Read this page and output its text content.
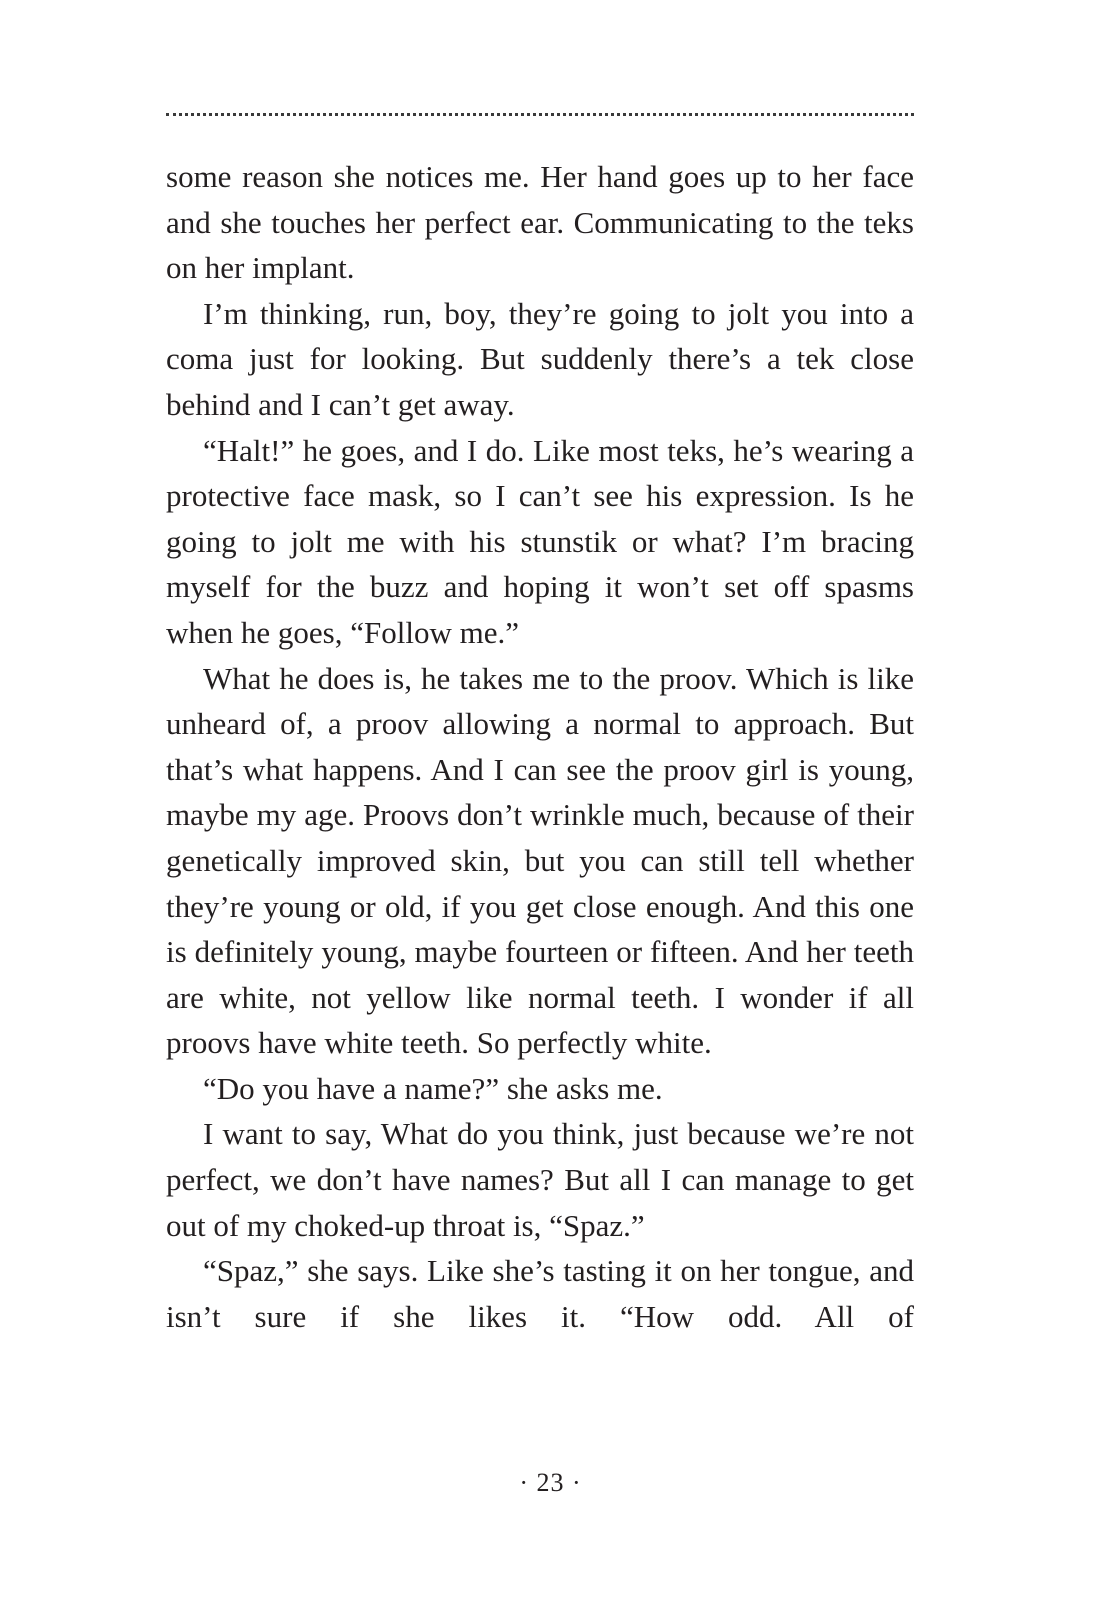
some reason she notices me. Her hand goes up to her face and she touches her perfect ear. Communicating to the teks on her implant.

I’m thinking, run, boy, they’re going to jolt you into a coma just for looking. But suddenly there’s a tek close behind and I can’t get away.

“Halt!” he goes, and I do. Like most teks, he’s wearing a protective face mask, so I can’t see his expression. Is he going to jolt me with his stunstik or what? I’m bracing myself for the buzz and hoping it won’t set off spasms when he goes, “Follow me.”

What he does is, he takes me to the proov. Which is like unheard of, a proov allowing a normal to approach. But that’s what happens. And I can see the proov girl is young, maybe my age. Proovs don’t wrinkle much, because of their genetically improved skin, but you can still tell whether they’re young or old, if you get close enough. And this one is definitely young, maybe fourteen or fifteen. And her teeth are white, not yellow like normal teeth. I wonder if all proovs have white teeth. So perfectly white.

“Do you have a name?” she asks me.

I want to say, What do you think, just because we’re not perfect, we don’t have names? But all I can manage to get out of my choked-up throat is, “Spaz.”

“Spaz,” she says. Like she’s tasting it on her tongue, and isn’t sure if she likes it. “How odd. All of

· 23 ·
